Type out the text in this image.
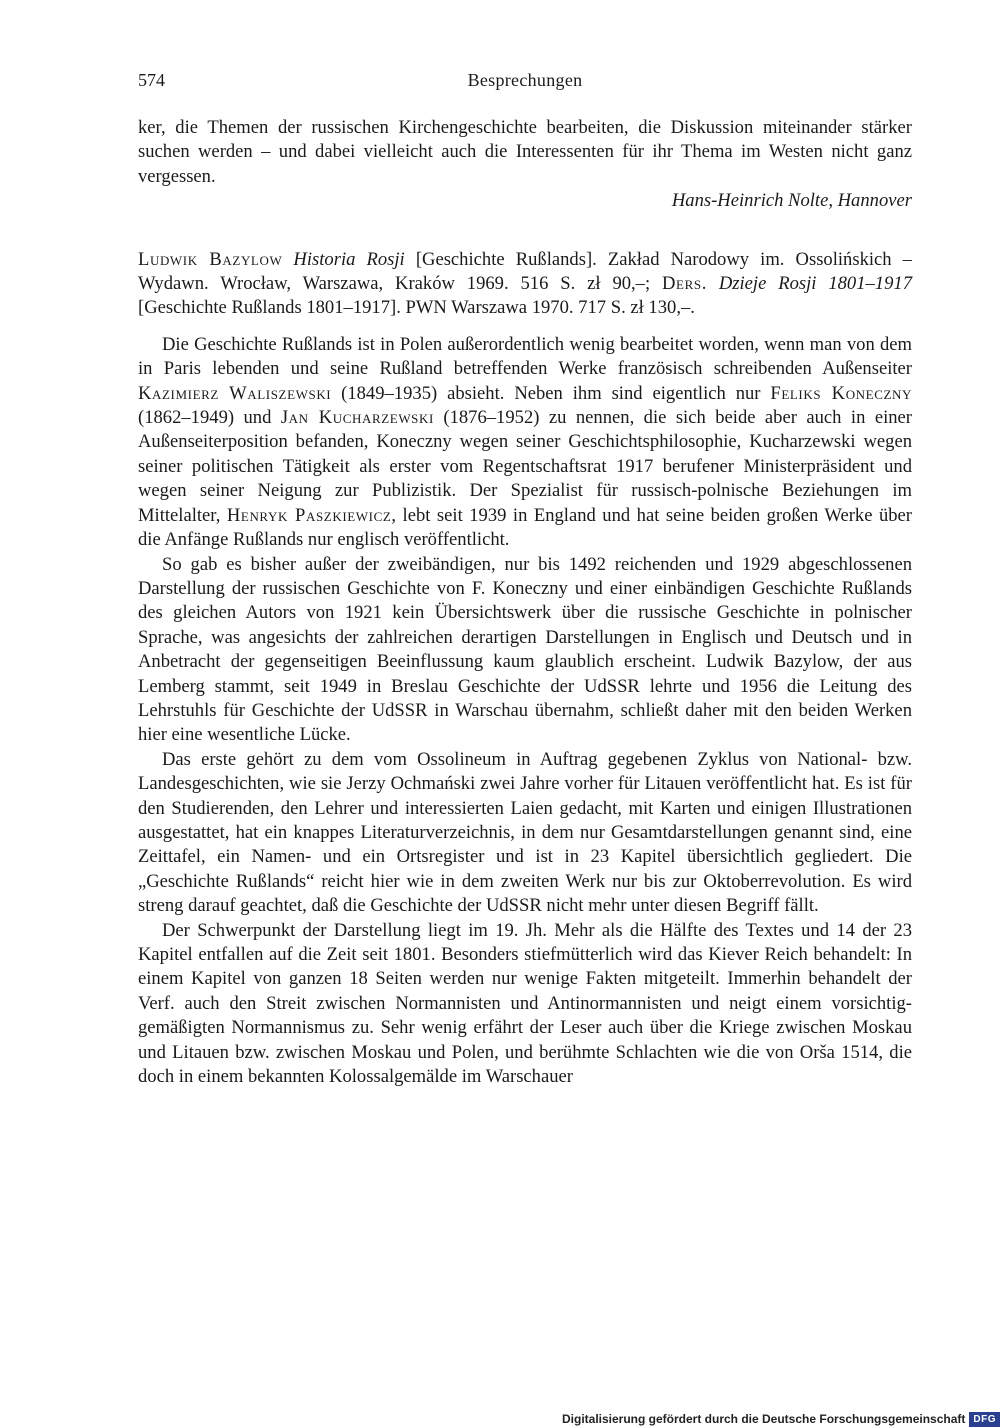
574	Besprechungen

ker, die Themen der russischen Kirchengeschichte bearbeiten, die Diskussion miteinander stärker suchen werden – und dabei vielleicht auch die Interessenten für ihr Thema im Westen nicht ganz vergessen.

Hans-Heinrich Nolte, Hannover

Ludwik Bazylow Historia Rosji [Geschichte Rußlands]. Zakład Narodowy im. Ossolińskich – Wydawn. Wrocław, Warszawa, Kraków 1969. 516 S. zł 90,–; Ders. Dzieje Rosji 1801–1917 [Geschichte Rußlands 1801–1917]. PWN Warszawa 1970. 717 S. zł 130,–.

Die Geschichte Rußlands ist in Polen außerordentlich wenig bearbeitet worden, wenn man von dem in Paris lebenden und seine Rußland betreffenden Werke französisch schreibenden Außenseiter Kazimierz Waliszewski (1849–1935) absieht. Neben ihm sind eigentlich nur Feliks Koneczny (1862–1949) und Jan Kucharzewski (1876–1952) zu nennen, die sich beide aber auch in einer Außenseiterposition befanden, Koneczny wegen seiner Geschichtsphilosophie, Kucharzewski wegen seiner politischen Tätigkeit als erster vom Regentschaftsrat 1917 berufener Ministerpräsident und wegen seiner Neigung zur Publizistik. Der Spezialist für russisch-polnische Beziehungen im Mittelalter, Henryk Paszkiewicz, lebt seit 1939 in England und hat seine beiden großen Werke über die Anfänge Rußlands nur englisch veröffentlicht.

So gab es bisher außer der zweibändigen, nur bis 1492 reichenden und 1929 abgeschlossenen Darstellung der russischen Geschichte von F. Koneczny und einer einbändigen Geschichte Rußlands des gleichen Autors von 1921 kein Übersichtswerk über die russische Geschichte in polnischer Sprache, was angesichts der zahlreichen derartigen Darstellungen in Englisch und Deutsch und in Anbetracht der gegenseitigen Beeinflussung kaum glaublich erscheint. Ludwik Bazylow, der aus Lemberg stammt, seit 1949 in Breslau Geschichte der UdSSR lehrte und 1956 die Leitung des Lehrstuhls für Geschichte der UdSSR in Warschau übernahm, schließt daher mit den beiden Werken hier eine wesentliche Lücke.

Das erste gehört zu dem vom Ossolineum in Auftrag gegebenen Zyklus von National- bzw. Landesgeschichten, wie sie Jerzy Ochmański zwei Jahre vorher für Litauen veröffentlicht hat. Es ist für den Studierenden, den Lehrer und interessierten Laien gedacht, mit Karten und einigen Illustrationen ausgestattet, hat ein knappes Literaturverzeichnis, in dem nur Gesamtdarstellungen genannt sind, eine Zeittafel, ein Namen- und ein Ortsregister und ist in 23 Kapitel übersichtlich gegliedert. Die „Geschichte Rußlands“ reicht hier wie in dem zweiten Werk nur bis zur Oktoberrevolution. Es wird streng darauf geachtet, daß die Geschichte der UdSSR nicht mehr unter diesen Begriff fällt.

Der Schwerpunkt der Darstellung liegt im 19. Jh. Mehr als die Hälfte des Textes und 14 der 23 Kapitel entfallen auf die Zeit seit 1801. Besonders stiefmütterlich wird das Kiever Reich behandelt: In einem Kapitel von ganzen 18 Seiten werden nur wenige Fakten mitgeteilt. Immerhin behandelt der Verf. auch den Streit zwischen Normannisten und Antinormannisten und neigt einem vorsichtig-gemäßigten Normannismus zu. Sehr wenig erfährt der Leser auch über die Kriege zwischen Moskau und Litauen bzw. zwischen Moskau und Polen, und berühmte Schlachten wie die von Orša 1514, die doch in einem bekannten Kolossalgemälde im Warschauer

Digitalisierung gefördert durch die Deutsche Forschungsgemeinschaft DFG
